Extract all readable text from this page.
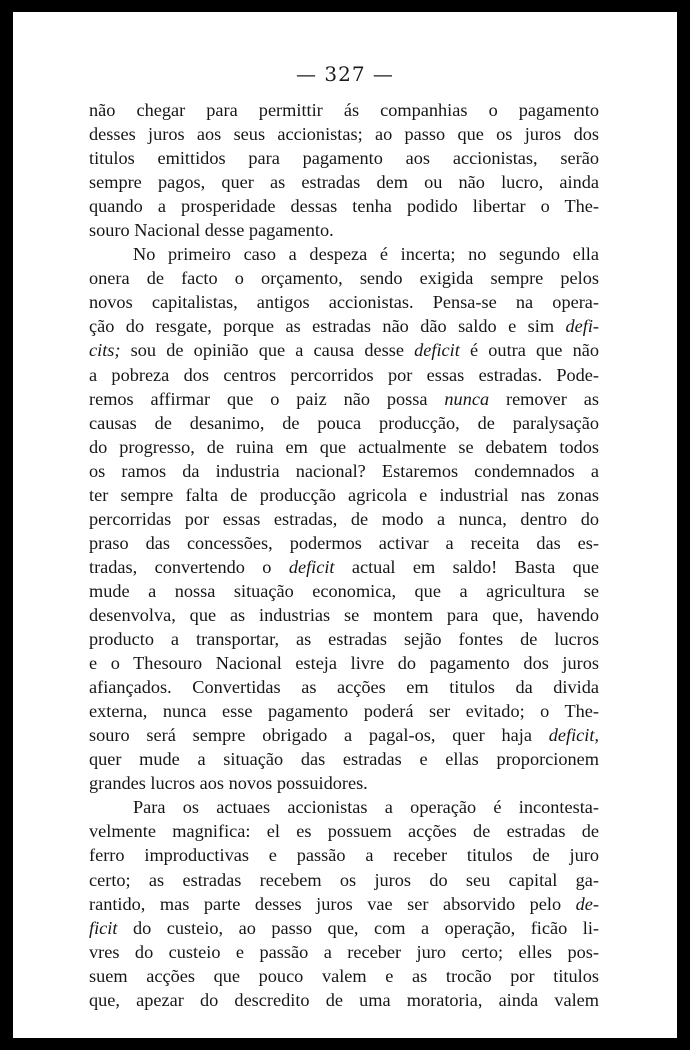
— 327 —
não chegar para permittir ás companhias o pagamento
desses juros aos seus accionistas; ao passo que os juros dos
titulos emittidos para pagamento aos accionistas, serão
sempre pagos, quer as estradas dem ou não lucro, ainda
quando a prosperidade dessas tenha podido libertar o The-
souro Nacional desse pagamento.
No primeiro caso a despeza é incerta; no segundo ella
onera de facto o orçamento, sendo exigida sempre pelos
novos capitalistas, antigos accionistas. Pensa-se na opera-
ção do resgate, porque as estradas não dão saldo e sim defi-
cits; sou de opinião que a causa desse deficit é outra que não
a pobreza dos centros percorridos por essas estradas. Pode-
remos affirmar que o paiz não possa nunca remover as
causas de desanimo, de pouca producção, de paralysação
do progresso, de ruina em que actualmente se debatem todos
os ramos da industria nacional? Estaremos condemnados a
ter sempre falta de producção agricola e industrial nas zonas
percorridas por essas estradas, de modo a nunca, dentro do
praso das concessões, podermos activar a receita das es-
tradas, convertendo o deficit actual em saldo! Basta que
mude a nossa situação economica, que a agricultura se
desenvolva, que as industrias se montem para que, havendo
producto a transportar, as estradas sejão fontes de lucros
e o Thesouro Nacional esteja livre do pagamento dos juros
afiançados. Convertidas as acções em titulos da divida
externa, nunca esse pagamento poderá ser evitado; o The-
souro será sempre obrigado a pagal-os, quer haja deficit,
quer mude a situação das estradas e ellas proporcionem
grandes lucros aos novos possuidores.
Para os actuaes accionistas a operação é incontesta-
velmente magnifica: el es possuem acções de estradas de
ferro improductivas e passão a receber titulos de juro
certo; as estradas recebem os juros do seu capital ga-
rantido, mas parte desses juros vae ser absorvido pelo de-
ficit do custeio, ao passo que, com a operação, ficão li-
vres do custeio e passão a receber juro certo; elles pos-
suem acções que pouco valem e as trocão por titulos
que, apezar do descredito de uma moratoria, ainda valem
